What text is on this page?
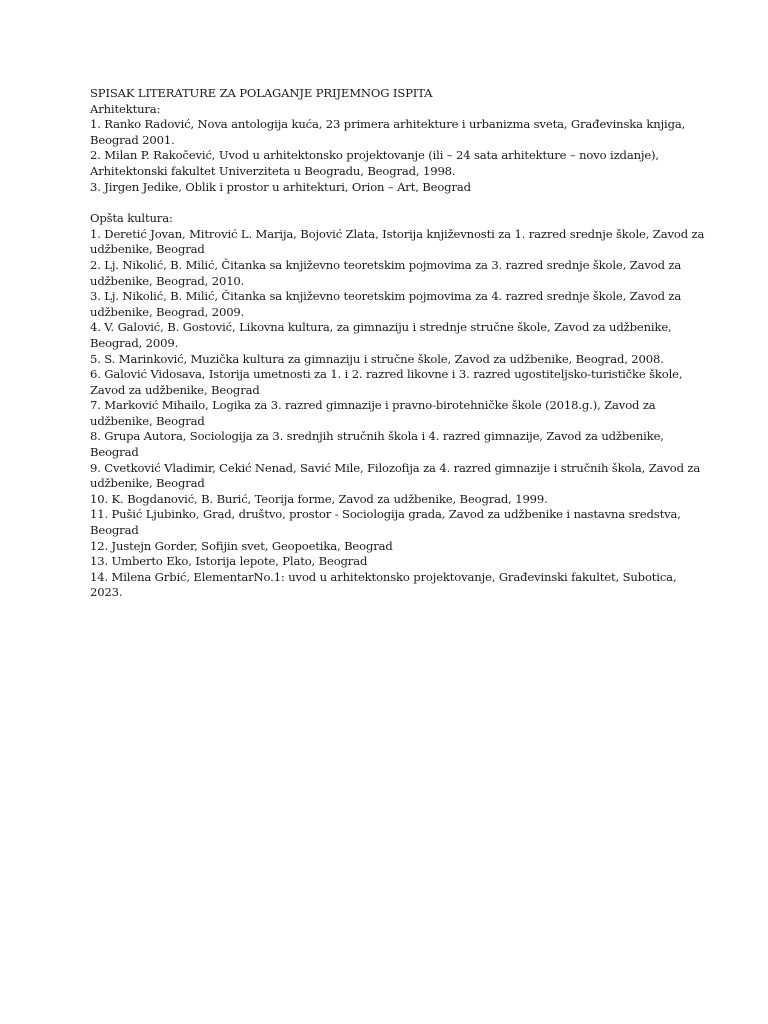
SPISAK LITERATURE ZA POLAGANJE PRIJEMNOG ISPITA
Arhitektura:
1. Ranko Radović, Nova antologija kuća, 23 primera arhitekture i urbanizma sveta, Građevinska knjiga, Beograd 2001.
2. Milan P. Rakočević, Uvod u arhitektonsko projektovanje (ili – 24 sata arhitekture – novo izdanje), Arhitektonski fakultet Univerziteta u Beogradu, Beograd, 1998.
3. Jirgen Jedike, Oblik i prostor u arhitekturi, Orion – Art, Beograd
Opšta kultura:
1. Deretić Jovan, Mitrović L. Marija, Bojović Zlata, Istorija književnosti za 1. razred srednje škole, Zavod za udžbenike, Beograd
2. Lj. Nikolić, B. Milić, Čitanka sa književno teoretskim pojmovima za 3. razred srednje škole, Zavod za udžbenike, Beograd, 2010.
3. Lj. Nikolić, B. Milić, Čitanka sa književno teoretskim pojmovima za 4. razred srednje škole, Zavod za udžbenike, Beograd, 2009.
4. V. Galović, B. Gostović, Likovna kultura, za gimnaziju i strednje stručne škole, Zavod za udžbenike, Beograd, 2009.
5. S. Marinković, Muzička kultura za gimnaziju i stručne škole, Zavod za udžbenike, Beograd, 2008.
6. Galović Vidosava, Istorija umetnosti za 1. i 2. razred likovne i 3. razred ugostiteljsko-turističke škole, Zavod za udžbenike, Beograd
7. Marković Mihailo, Logika za 3. razred gimnazije i pravno-birotehničke škole (2018.g.), Zavod za udžbenike, Beograd
8. Grupa Autora, Sociologija za 3. srednjih stručnih škola i 4. razred gimnazije, Zavod za udžbenike, Beograd
9. Cvetković Vladimir, Cekić Nenad, Savić Mile, Filozofija za 4. razred gimnazije i stručnih škola, Zavod za udžbenike, Beograd
10. K. Bogdanović, B. Burić, Teorija forme, Zavod za udžbenike, Beograd, 1999.
11. Pušić Ljubinko, Grad, društvo, prostor - Sociologija grada, Zavod za udžbenike i nastavna sredstva, Beograd
12. Justejn Gorder, Sofijin svet, Geopoetika, Beograd
13. Umberto Eko, Istorija lepote, Plato, Beograd
14. Milena Grbić, ElementarNo.1: uvod u arhitektonsko projektovanje, Građevinski fakultet, Subotica, 2023.
